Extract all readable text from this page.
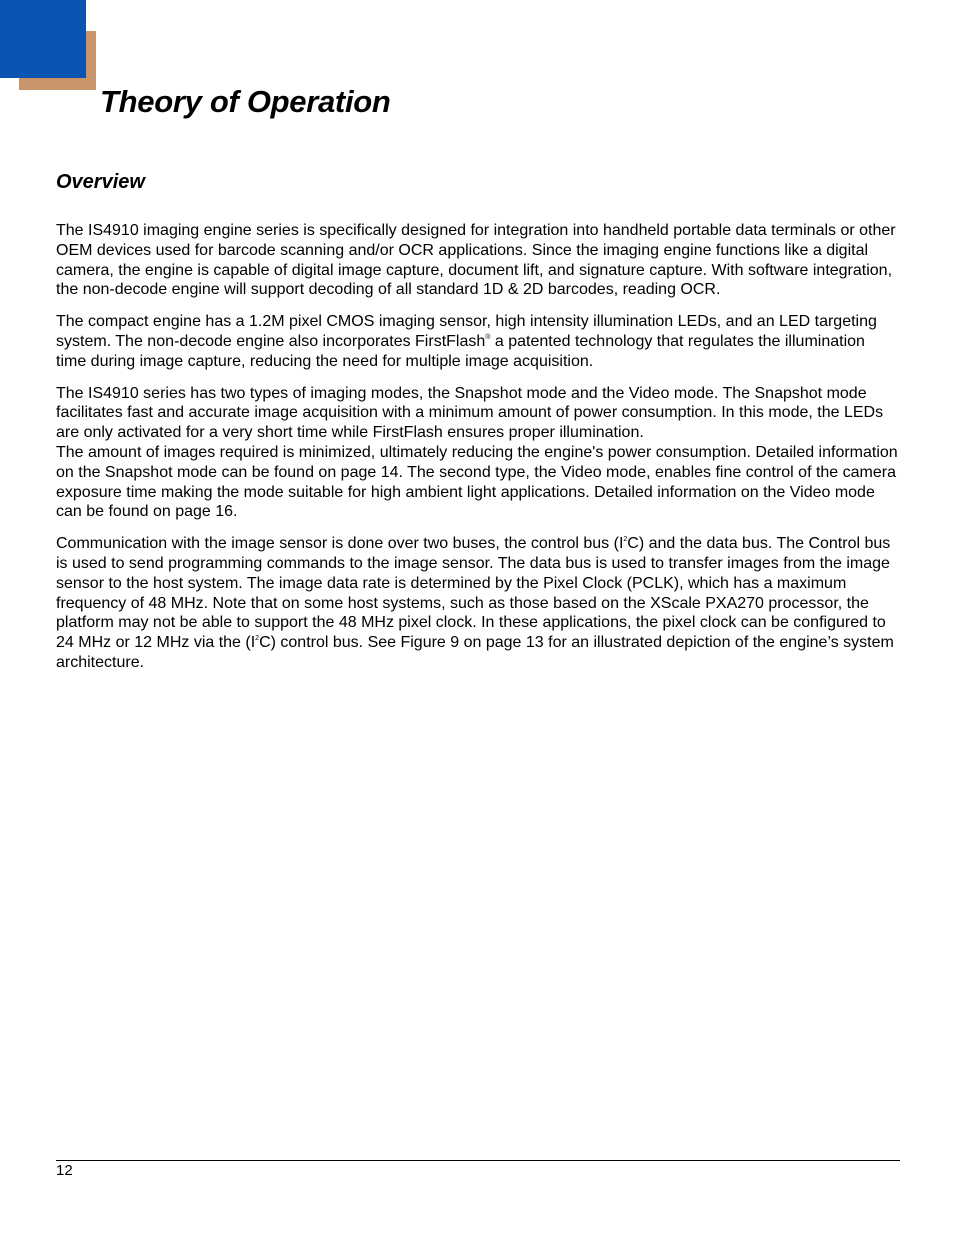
Theory of Operation
Overview

The IS4910 imaging engine series is specifically designed for integration into handheld portable data terminals or other OEM devices used for barcode scanning and/or OCR applications. Since the imaging engine functions like a digital camera, the engine is capable of digital image capture, document lift, and signature capture. With software integration, the non-decode engine will support decoding of all standard 1D & 2D barcodes, reading OCR.

The compact engine has a 1.2M pixel CMOS imaging sensor, high intensity illumination LEDs, and an LED targeting system. The non-decode engine also incorporates FirstFlash® a patented technology that regulates the illumination time during image capture, reducing the need for multiple image acquisition.

The IS4910 series has two types of imaging modes, the Snapshot mode and the Video mode. The Snapshot mode facilitates fast and accurate image acquisition with a minimum amount of power consumption. In this mode, the LEDs are only activated for a very short time while FirstFlash ensures proper illumination.
The amount of images required is minimized, ultimately reducing the engine's power consumption. Detailed information on the Snapshot mode can be found on page 14. The second type, the Video mode, enables fine control of the camera exposure time making the mode suitable for high ambient light applications. Detailed information on the Video mode can be found on page 16.

Communication with the image sensor is done over two buses, the control bus $(I^2C)$ and the data bus. The Control bus is used to send programming commands to the image sensor. The data bus is used to transfer images from the image sensor to the host system. The image data rate is determined by the Pixel Clock (PCLK), which has a maximum frequency of 48 MHz. Note that on some host systems, such as those based on the XScale PXA270 processor, the platform may not be able to support the 48 MHz pixel clock. In these applications, the pixel clock can be configured to 24 MHz or 12 MHz via the $(I^2C)$ control bus. See Figure 9 on page 13 for an illustrated depiction of the engine’s system architecture.

12
